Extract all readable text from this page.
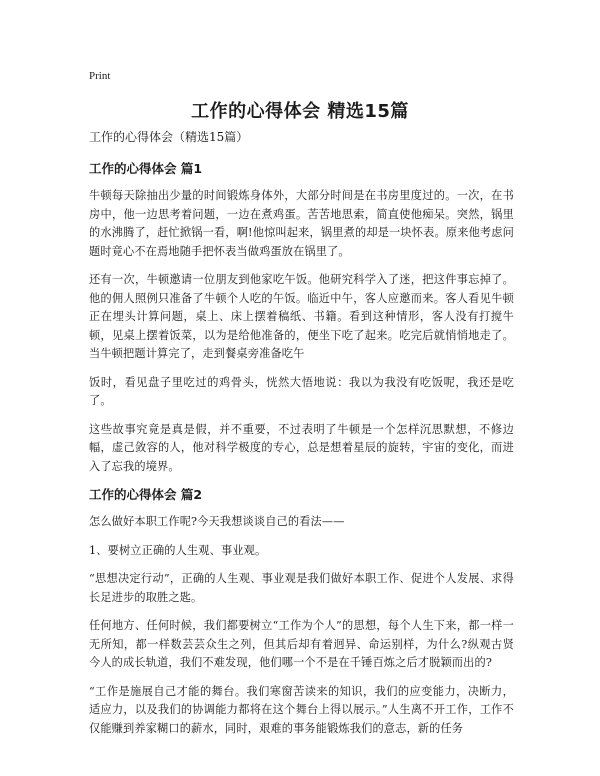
Print
工作的心得体会 精选15篇
工作的心得体会（精选15篇）
工作的心得体会 篇1

牛顿每天除抽出少量的时间锻炼身体外，大部分时间是在书房里度过的。一次，在书房中，他一边思考着问题，一边在煮鸡蛋。苦苦地思索，简直使他痴呆。突然，锅里的水沸腾了，赶忙掀锅一看，啊!他惊叫起来，锅里煮的却是一块怀表。原来他考虑问题时竟心不在焉地随手把怀表当做鸡蛋放在锅里了。

还有一次，牛顿邀请一位朋友到他家吃午饭。他研究科学入了迷，把这件事忘掉了。他的佣人照例只准备了牛顿个人吃的午饭。临近中午，客人应邀而来。客人看见牛顿正在埋头计算问题，桌上、床上摆着稿纸、书籍。看到这种情形，客人没有打搅牛顿，见桌上摆着饭菜，以为是给他准备的，便坐下吃了起来。吃完后就悄悄地走了。当牛顿把题计算完了，走到餐桌旁准备吃午

饭时，看见盘子里吃过的鸡骨头，恍然大悟地说：我以为我没有吃饭呢，我还是吃了。

这些故事究竟是真是假，并不重要，不过表明了牛顿是一个怎样沉思默想，不修边幅，虚己敛容的人，他对科学极度的专心，总是想着星辰的旋转，宇宙的变化，而进入了忘我的境界。

工作的心得体会 篇2

怎么做好本职工作呢?今天我想谈谈自己的看法——

1、要树立正确的人生观、事业观。

“思想决定行动”，正确的人生观、事业观是我们做好本职工作、促进个人发展、求得长足进步的取胜之匙。

任何地方、任何时候，我们都要树立“工作为个人”的思想，每个人生下来，都一样一无所知，都一样数芸芸众生之列，但其后却有着迥异、命运别样，为什么?纵观古贤今人的成长轨道，我们不难发现，他们哪一个不是在千锤百炼之后才脱颖而出的?

“工作是施展自己才能的舞台。我们寒窗苦读来的知识，我们的应变能力，决断力，适应力，以及我们的协调能力都将在这个舞台上得以展示。”人生离不开工作，工作不仅能赚到养家糊口的薪水，同时，艰难的事务能锻炼我们的意志，新的任务
